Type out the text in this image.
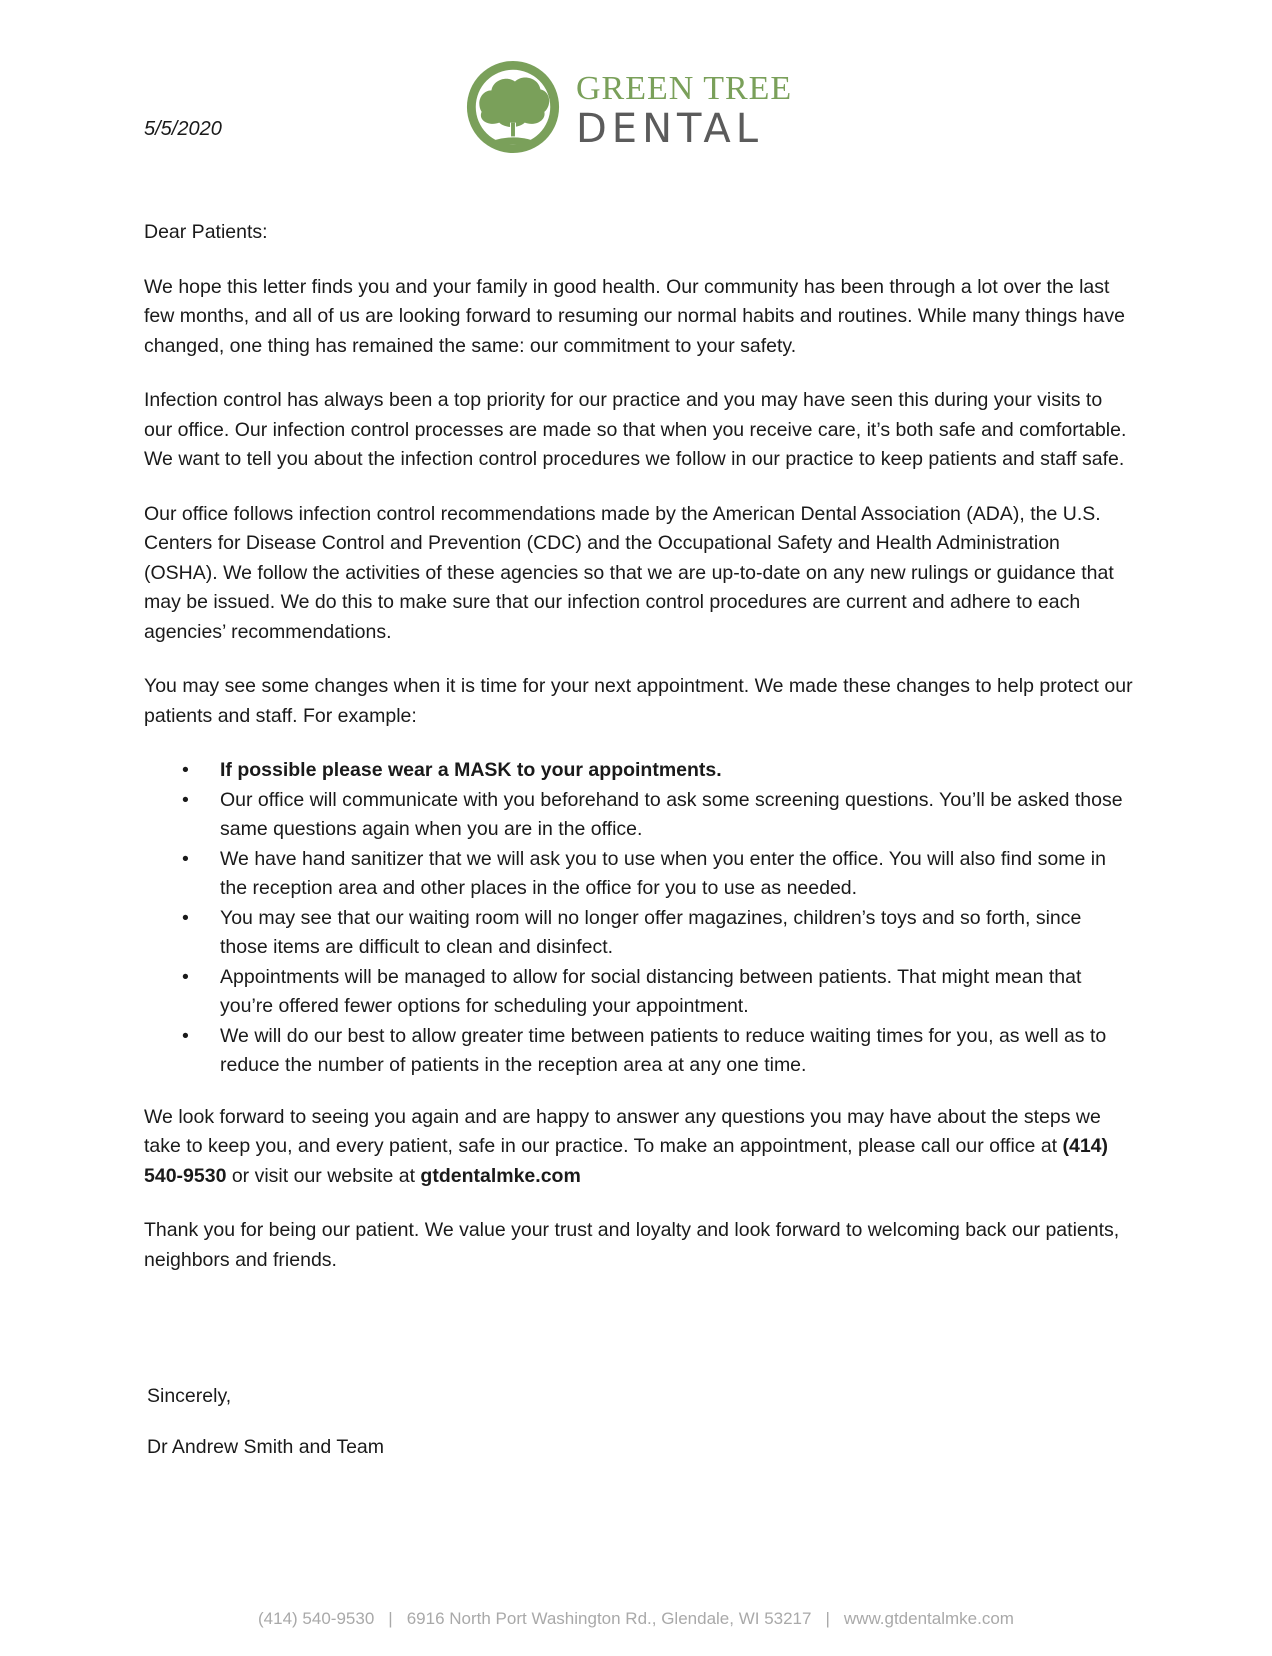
5/5/2020
GREEN TREE
DENTAL

Dear Patients:

We hope this letter finds you and your family in good health. Our community has been through a lot over the last few months, and all of us are looking forward to resuming our normal habits and routines. While many things have changed, one thing has remained the same: our commitment to your safety.

Infection control has always been a top priority for our practice and you may have seen this during your visits to our office. Our infection control processes are made so that when you receive care, it’s both safe and comfortable. We want to tell you about the infection control procedures we follow in our practice to keep patients and staff safe.

Our office follows infection control recommendations made by the American Dental Association (ADA), the U.S. Centers for Disease Control and Prevention (CDC) and the Occupational Safety and Health Administration (OSHA). We follow the activities of these agencies so that we are up-to-date on any new rulings or guidance that may be issued. We do this to make sure that our infection control procedures are current and adhere to each agencies’ recommendations.

You may see some changes when it is time for your next appointment. We made these changes to help protect our patients and staff. For example:

• If possible please wear a MASK to your appointments.
• Our office will communicate with you beforehand to ask some screening questions. You’ll be asked those same questions again when you are in the office.
• We have hand sanitizer that we will ask you to use when you enter the office. You will also find some in the reception area and other places in the office for you to use as needed.
• You may see that our waiting room will no longer offer magazines, children’s toys and so forth, since those items are difficult to clean and disinfect.
• Appointments will be managed to allow for social distancing between patients. That might mean that you’re offered fewer options for scheduling your appointment.
• We will do our best to allow greater time between patients to reduce waiting times for you, as well as to reduce the number of patients in the reception area at any one time.

We look forward to seeing you again and are happy to answer any questions you may have about the steps we take to keep you, and every patient, safe in our practice. To make an appointment, please call our office at (414) 540-9530 or visit our website at gtdentalmke.com

Thank you for being our patient. We value your trust and loyalty and look forward to welcoming back our patients, neighbors and friends.

Sincerely,
Dr Andrew Smith and Team
(414) 540-9530 | 6916 North Port Washington Rd., Glendale, WI 53217 | www.gtdentalmke.com
